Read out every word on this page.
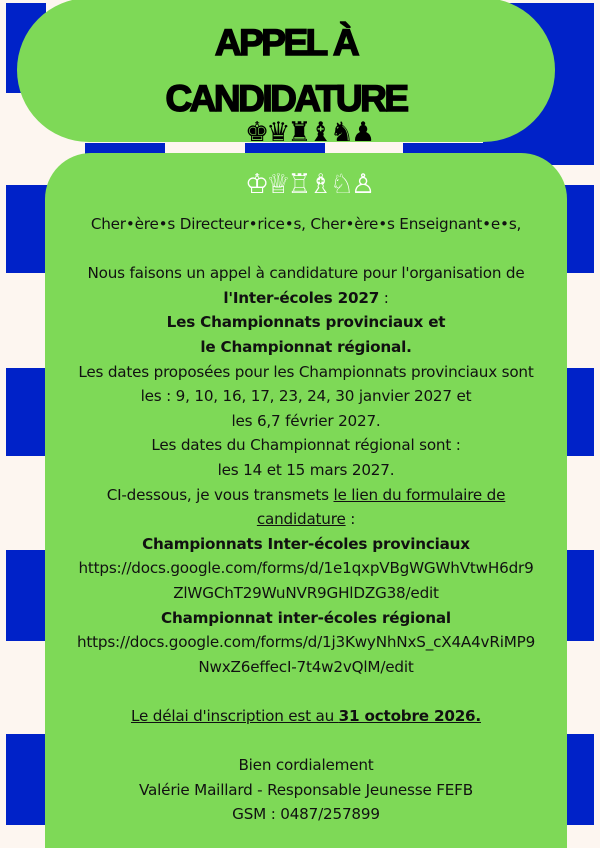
APPEL À
CANDIDATURE
♚♛♜♝♞♟
♔♕♖♗♘♙
Cher•ère•s Directeur•rice•s, Cher•ère•s Enseignant•e•s,
Nous faisons un appel à candidature pour l'organisation de
l'Inter-écoles 2027 :
Les Championnats provinciaux et
le Championnat régional.
Les dates proposées pour les Championnats provinciaux sont
les : 9, 10, 16, 17, 23, 24, 30 janvier 2027 et
les 6,7 février 2027.
Les dates du Championnat régional sont :
les 14 et 15 mars 2027.
CI-dessous, je vous transmets le lien du formulaire de
candidature :
Championnats Inter-écoles provinciaux
https://docs.google.com/forms/d/1e1qxpVBgWGWhVtwH6dr9
ZlWGChT29WuNVR9GHlDZG38/edit
Championnat inter-écoles régional
https://docs.google.com/forms/d/1j3KwyNhNxS_cX4A4vRiMP9
NwxZ6effecI-7t4w2vQlM/edit
Le délai d'inscription est au 31 octobre 2026.
Bien cordialement
Valérie Maillard - Responsable Jeunesse FEFB
GSM : 0487/257899
